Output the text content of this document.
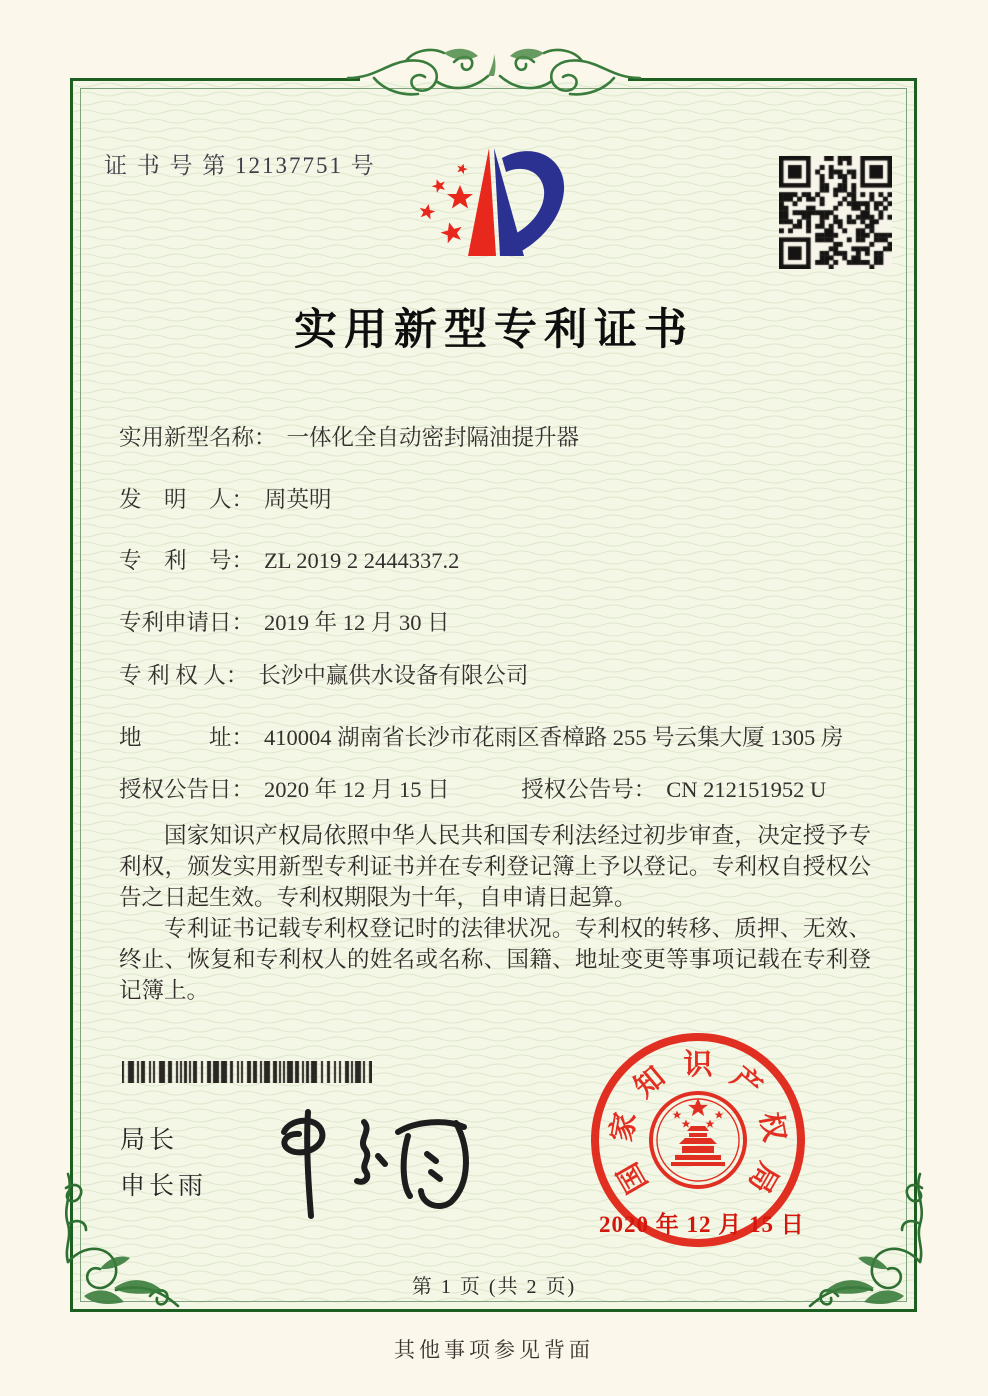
证 书 号 第 12137751 号
实用新型专利证书
实用新型名称： 一体化全自动密封隔油提升器
发　明　人： 周英明
专　利　号： ZL 2019 2 2444337.2
专利申请日： 2019 年 12 月 30 日
专 利 权 人： 长沙中赢供水设备有限公司
地　　　址： 410004 湖南省长沙市花雨区香樟路 255 号云集大厦 1305 房
授权公告日： 2020 年 12 月 15 日	授权公告号： CN 212151952 U

国家知识产权局依照中华人民共和国专利法经过初步审查，决定授予专利权，颁发实用新型专利证书并在专利登记簿上予以登记。专利权自授权公告之日起生效。专利权期限为十年，自申请日起算。

专利证书记载专利权登记时的法律状况。专利权的转移、质押、无效、终止、恢复和专利权人的姓名或名称、国籍、地址变更等事项记载在专利登记簿上。

局长
申长雨	国
家
知 识 产
权
局
2020 年 12 月 15 日
第 1 页 (共 2 页)
其他事项参见背面
